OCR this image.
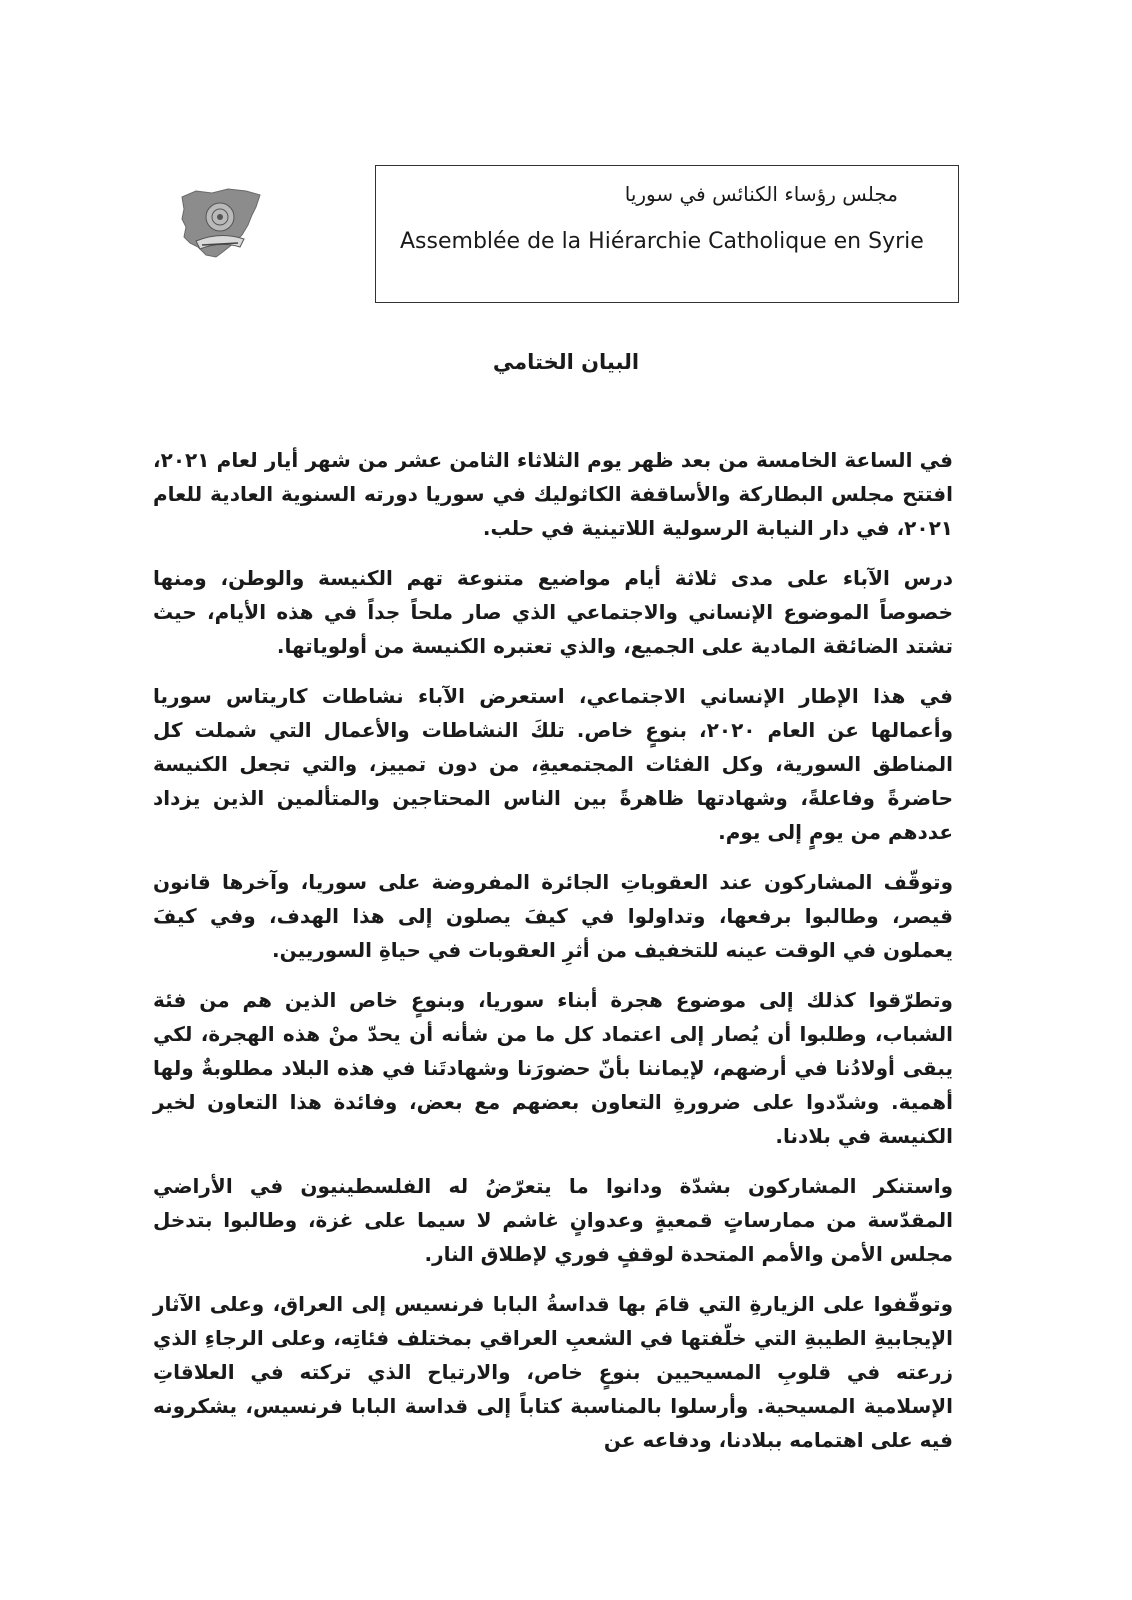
مجلس رؤساء الكنائس في سوريا
Assemblée de la Hiérarchie Catholique en Syrie
البيان الختامي

في الساعة الخامسة من بعد ظهر يوم الثلاثاء الثامن عشر من شهر أيار لعام ٢٠٢١، افتتح مجلس البطاركة والأساقفة الكاثوليك في سوريا دورته السنوية العادية للعام ٢٠٢١، في دار النيابة الرسولية اللاتينية في حلب.

درس الآباء على مدى ثلاثة أيام مواضيع متنوعة تهم الكنيسة والوطن، ومنها خصوصاً الموضوع الإنساني والاجتماعي الذي صار ملحاً جداً في هذه الأيام، حيث تشتد الضائقة المادية على الجميع، والذي تعتبره الكنيسة من أولوياتها.

في هذا الإطار الإنساني الاجتماعي، استعرض الآباء نشاطات كاريتاس سوريا وأعمالها عن العام ٢٠٢٠، بنوعٍ خاص. تلكَ النشاطات والأعمال التي شملت كل المناطق السورية، وكل الفئات المجتمعيةِ، من دون تمييز، والتي تجعل الكنيسة حاضرةً وفاعلةً، وشهادتها ظاهرةً بين الناس المحتاجين والمتألمين الذين يزداد عددهم من يومٍ إلى يوم.

وتوقّف المشاركون عند العقوباتِ الجائرة المفروضة على سوريا، وآخرها قانون قيصر، وطالبوا برفعها، وتداولوا في كيفَ يصلون إلى هذا الهدف، وفي كيفَ يعملون في الوقت عينه للتخفيف من أثرِ العقوبات في حياةِ السوريين.

وتطرّقوا كذلك إلى موضوع هجرة أبناء سوريا، وبنوعٍ خاص الذين هم من فئة الشباب، وطلبوا أن يُصار إلى اعتماد كل ما من شأنه أن يحدّ منْ هذه الهجرة، لكي يبقى أولادُنا في أرضهم، لإيماننا بأنّ حضورَنا وشهادتَنا في هذه البلاد مطلوبةٌ ولها أهمية. وشدّدوا على ضرورةِ التعاون بعضهم مع بعض، وفائدة هذا التعاون لخير الكنيسة في بلادنا.

واستنكر المشاركون بشدّة ودانوا ما يتعرّضُ له الفلسطينيون في الأراضي المقدّسة من ممارساتٍ قمعيةٍ وعدوانٍ غاشم لا سيما على غزة، وطالبوا بتدخل مجلس الأمن والأمم المتحدة لوقفٍ فوري لإطلاق النار.

وتوقّفوا على الزيارةِ التي قامَ بها قداسةُ البابا فرنسيس إلى العراق، وعلى الآثار الإيجابيةِ الطيبةِ التي خلّفتها في الشعبِ العراقي بمختلف فئاتِه، وعلى الرجاءِ الذي زرعته في قلوبِ المسيحيين بنوعٍ خاص، والارتياح الذي تركته في العلاقاتِ الإسلامية المسيحية. وأرسلوا بالمناسبة كتاباً إلى قداسة البابا فرنسيس، يشكرونه فيه على اهتمامه ببلادنا، ودفاعه عن
